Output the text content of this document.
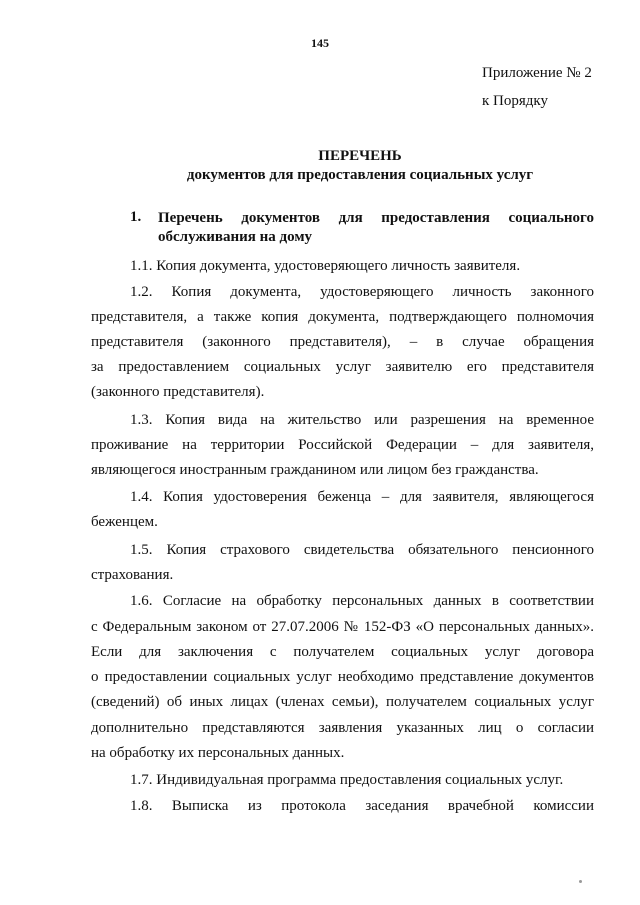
145
Приложение № 2
к Порядку
ПЕРЕЧЕНЬ
документов для предоставления социальных услуг
1. Перечень документов для предоставления социального
обслуживания на дому
1.1. Копия документа, удостоверяющего личность заявителя.
1.2. Копия документа, удостоверяющего личность законного
представителя, а также копия документа, подтверждающего полномочия
представителя (законного представителя), – в случае обращения
за предоставлением социальных услуг заявителю его представителя
(законного представителя).
1.3. Копия вида на жительство или разрешения на временное
проживание на территории Российской Федерации – для заявителя,
являющегося иностранным гражданином или лицом без гражданства.
1.4. Копия удостоверения беженца – для заявителя, являющегося
беженцем.
1.5. Копия страхового свидетельства обязательного пенсионного
страхования.
1.6. Согласие на обработку персональных данных в соответствии
с Федеральным законом от 27.07.2006 № 152-ФЗ «О персональных данных».
Если для заключения с получателем социальных услуг договора
о предоставлении социальных услуг необходимо представление документов
(сведений) об иных лицах (членах семьи), получателем социальных услуг
дополнительно представляются заявления указанных лиц о согласии
на обработку их персональных данных.
1.7. Индивидуальная программа предоставления социальных услуг.
1.8. Выписка из протокола заседания врачебной комиссии
